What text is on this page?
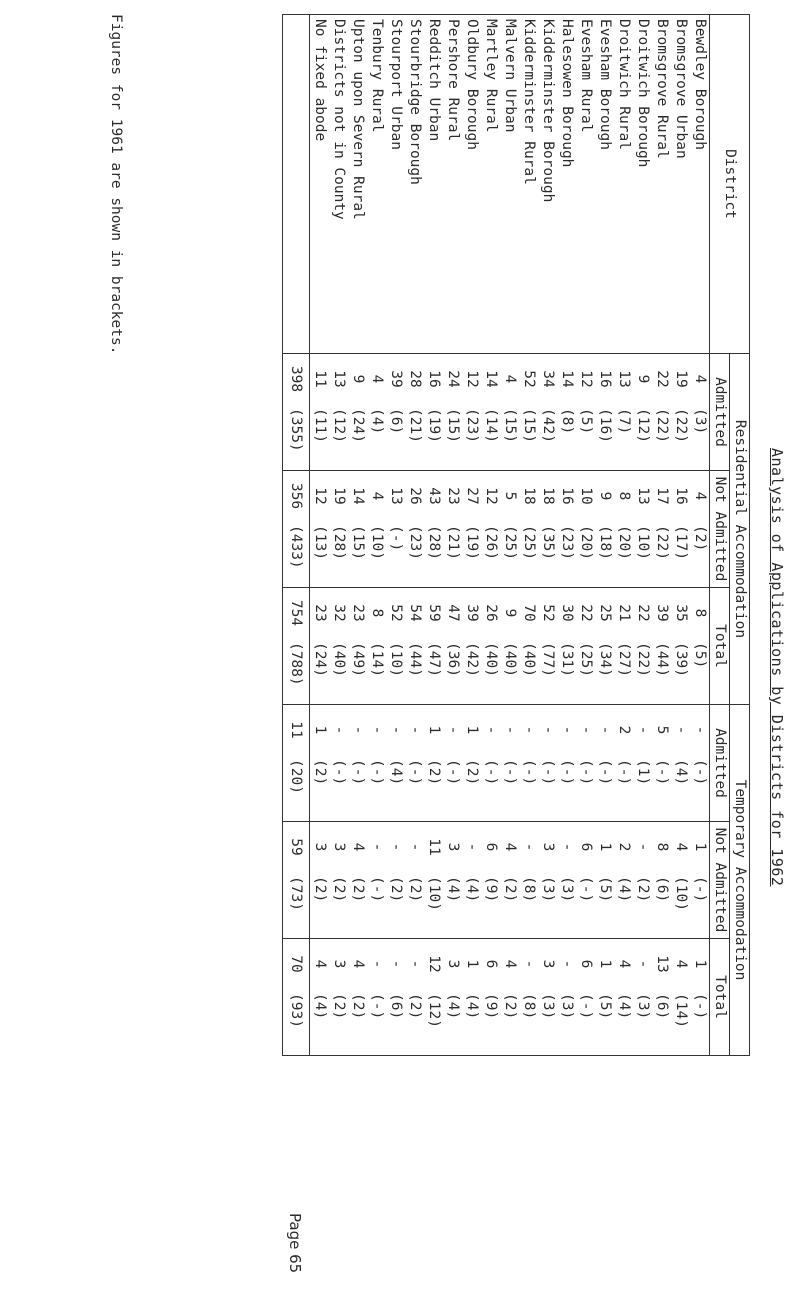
Analysis of Applications by Districts for 1962
District	Residential Accommodation						Temporary Accommodation					
	Admitted		Not Admitted		Total		Admitted		Not Admitted		Total	
Bewdley Borough	4	(3)	4	(2)	8	(5)	-	(-)	1	(-)	1	(-)
Bromsgrove Urban	19	(22)	16	(17)	35	(39)	-	(4)	4	(10)	4	(14)
Bromsgrove Rural	22	(22)	17	(22)	39	(44)	5	(-)	8	(6)	13	(6)
Droitwich Borough	9	(12)	13	(10)	22	(22)	-	(1)	-	(2)	-	(3)
Droitwich Rural	13	(7)	8	(20)	21	(27)	2	(-)	2	(4)	4	(4)
Evesham Borough	16	(16)	9	(18)	25	(34)	-	(-)	1	(5)	1	(5)
Evesham Rural	12	(5)	10	(20)	22	(25)	-	(-)	6	(-)	6	(-)
Halesowen Borough	14	(8)	16	(23)	30	(31)	-	(-)	-	(3)	-	(3)
Kidderminster Borough	34	(42)	18	(35)	52	(77)	-	(-)	3	(3)	3	(3)
Kidderminster Rural	52	(15)	18	(25)	70	(40)	-	(-)	-	(8)	-	(8)
Malvern Urban	4	(15)	5	(25)	9	(40)	-	(-)	4	(2)	4	(2)
Martley Rural	14	(14)	12	(26)	26	(40)	-	(-)	6	(9)	6	(9)
Oldbury Borough	12	(23)	27	(19)	39	(42)	1	(2)	-	(4)	1	(4)
Pershore Rural	24	(15)	23	(21)	47	(36)	-	(-)	3	(4)	3	(4)
Redditch Urban	16	(19)	43	(28)	59	(47)	1	(2)	11	(10)	12	(12)
Stourbridge Borough	28	(21)	26	(23)	54	(44)	-	(-)	-	(2)	-	(2)
Stourport Urban	39	(6)	13	(-)	52	(10)	-	(4)	-	(2)	-	(6)
Tenbury Rural	4	(4)	4	(10)	8	(14)	-	(-)	-	(-)	-	(-)
Upton upon Severn Rural	9	(24)	14	(15)	23	(49)	-	(-)	4	(2)	4	(2)
Districts not in County	13	(12)	19	(28)	32	(40)	-	(-)	3	(2)	3	(2)
No fixed abode	11	(11)	12	(13)	23	(24)	1	(2)	3	(2)	4	(4)
	398	(355)	356	(433)	754	(788)	11	(20)	59	(73)	70	(93)
Figures for 1961 are shown in brackets.
Page 65
